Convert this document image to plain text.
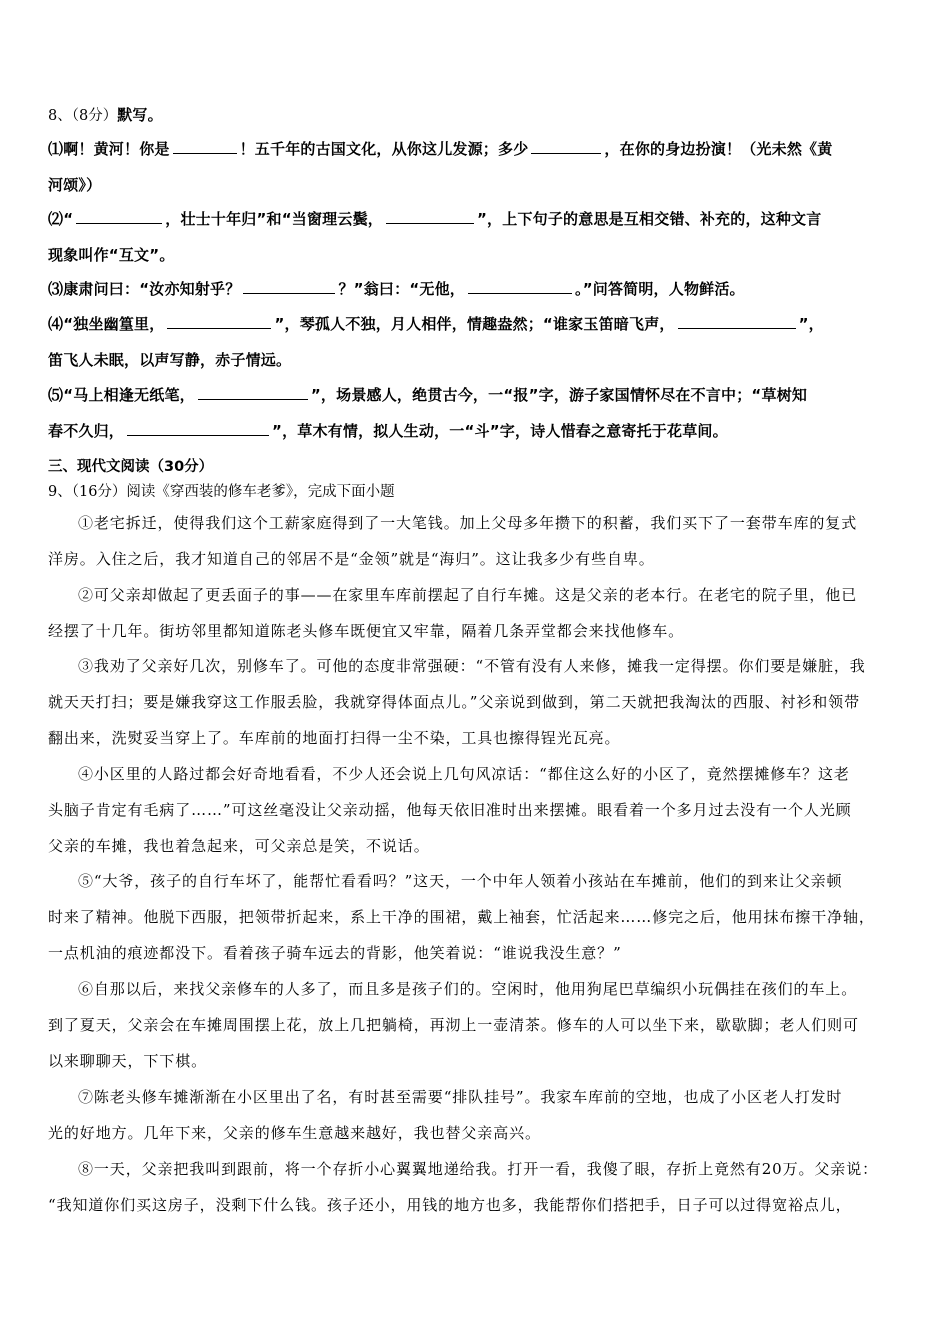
8、（8分）默写。
⑴啊！黄河！你是	！五千年的古国文化，从你这儿发源；多少	，在你的身边扮演！（光未然《黄
河颂》）
⑵“	，壮士十年归”和“当窗理云鬓，	”，上下句子的意思是互相交错、补充的，这种文言
现象叫作“互文”。
⑶康肃问曰：“汝亦知射乎？	？”翁曰：“无他，	。”问答简明，人物鲜活。
⑷“独坐幽篁里，	”，琴孤人不独，月人相伴，情趣盎然；“谁家玉笛暗飞声，	”，
笛飞人未眠，以声写静，赤子情远。
⑸“马上相逢无纸笔，	”，场景感人，绝贯古今，一“报”字，游子家国情怀尽在不言中；“草树知
春不久归，	”，草木有情，拟人生动，一“斗”字，诗人惜春之意寄托于花草间。
三、现代文阅读（30分）
9、（16分）阅读《穿西装的修车老爹》，完成下面小题
①老宅拆迁，使得我们这个工薪家庭得到了一大笔钱。加上父母多年攒下的积蓄，我们买下了一套带车库的复式
洋房。入住之后，我才知道自己的邻居不是“金领”就是“海归”。这让我多少有些自卑。
②可父亲却做起了更丢面子的事——在家里车库前摆起了自行车摊。这是父亲的老本行。在老宅的院子里，他已
经摆了十几年。街坊邻里都知道陈老头修车既便宜又牢靠，隔着几条弄堂都会来找他修车。
③我劝了父亲好几次，别修车了。可他的态度非常强硬：“不管有没有人来修，摊我一定得摆。你们要是嫌脏，我
就天天打扫；要是嫌我穿这工作服丢脸，我就穿得体面点儿。”父亲说到做到，第二天就把我淘汰的西服、衬衫和领带
翻出来，洗熨妥当穿上了。车库前的地面打扫得一尘不染，工具也擦得锃光瓦亮。
④小区里的人路过都会好奇地看看，不少人还会说上几句风凉话：“都住这么好的小区了，竟然摆摊修车？这老
头脑子肯定有毛病了……”可这丝毫没让父亲动摇，他每天依旧准时出来摆摊。眼看着一个多月过去没有一个人光顾
父亲的车摊，我也着急起来，可父亲总是笑，不说话。
⑤“大爷，孩子的自行车坏了，能帮忙看看吗？”这天，一个中年人领着小孩站在车摊前，他们的到来让父亲顿
时来了精神。他脱下西服，把领带折起来，系上干净的围裙，戴上袖套，忙活起来……修完之后，他用抹布擦干净轴，
一点机油的痕迹都没下。看着孩子骑车远去的背影，他笑着说：“谁说我没生意？”
⑥自那以后，来找父亲修车的人多了，而且多是孩子们的。空闲时，他用狗尾巴草编织小玩偶挂在孩们的车上。
到了夏天，父亲会在车摊周围摆上花，放上几把躺椅，再沏上一壶清茶。修车的人可以坐下来，歇歇脚；老人们则可
以来聊聊天，下下棋。
⑦陈老头修车摊渐渐在小区里出了名，有时甚至需要“排队挂号”。我家车库前的空地，也成了小区老人打发时
光的好地方。几年下来，父亲的修车生意越来越好，我也替父亲高兴。
⑧一天，父亲把我叫到跟前，将一个存折小心翼翼地递给我。打开一看，我傻了眼，存折上竟然有20万。父亲说：
“我知道你们买这房子，没剩下什么钱。孩子还小，用钱的地方也多，我能帮你们搭把手，日子可以过得宽裕点儿，
